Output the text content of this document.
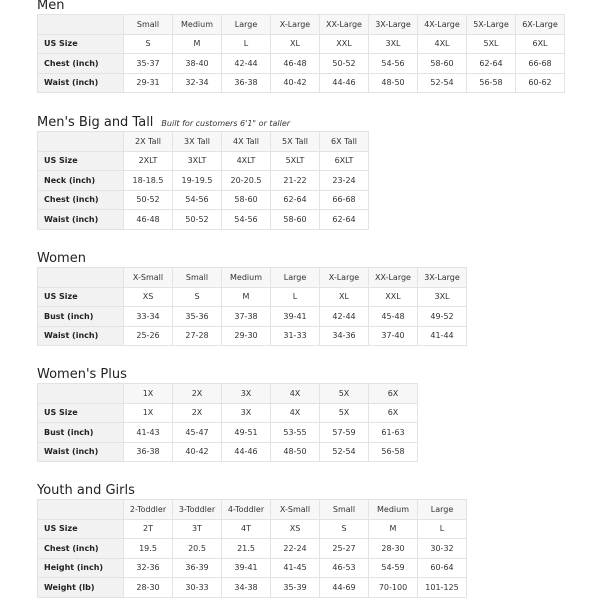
Men
	Small	Medium	Large	X-Large	XX-Large	3X-Large	4X-Large	5X-Large	6X-Large
US Size	S	M	L	XL	XXL	3XL	4XL	5XL	6XL
Chest (inch)	35-37	38-40	42-44	46-48	50-52	54-56	58-60	62-64	66-68
Waist (inch)	29-31	32-34	36-38	40-42	44-46	48-50	52-54	56-58	60-62
Men's Big and Tall Built for customers 6'1" or taller
	2X Tall	3X Tall	4X Tall	5X Tall	6X Tall
US Size	2XLT	3XLT	4XLT	5XLT	6XLT
Neck (inch)	18-18.5	19-19.5	20-20.5	21-22	23-24
Chest (inch)	50-52	54-56	58-60	62-64	66-68
Waist (inch)	46-48	50-52	54-56	58-60	62-64
Women
	X-Small	Small	Medium	Large	X-Large	XX-Large	3X-Large
US Size	XS	S	M	L	XL	XXL	3XL
Bust (inch)	33-34	35-36	37-38	39-41	42-44	45-48	49-52
Waist (inch)	25-26	27-28	29-30	31-33	34-36	37-40	41-44
Women's Plus
	1X	2X	3X	4X	5X	6X
US Size	1X	2X	3X	4X	5X	6X
Bust (inch)	41-43	45-47	49-51	53-55	57-59	61-63
Waist (inch)	36-38	40-42	44-46	48-50	52-54	56-58
Youth and Girls
	2-Toddler	3-Toddler	4-Toddler	X-Small	Small	Medium	Large
US Size	2T	3T	4T	XS	S	M	L
Chest (inch)	19.5	20.5	21.5	22-24	25-27	28-30	30-32
Height (inch)	32-36	36-39	39-41	41-45	46-53	54-59	60-64
Weight (lb)	28-30	30-33	34-38	35-39	44-69	70-100	101-125
